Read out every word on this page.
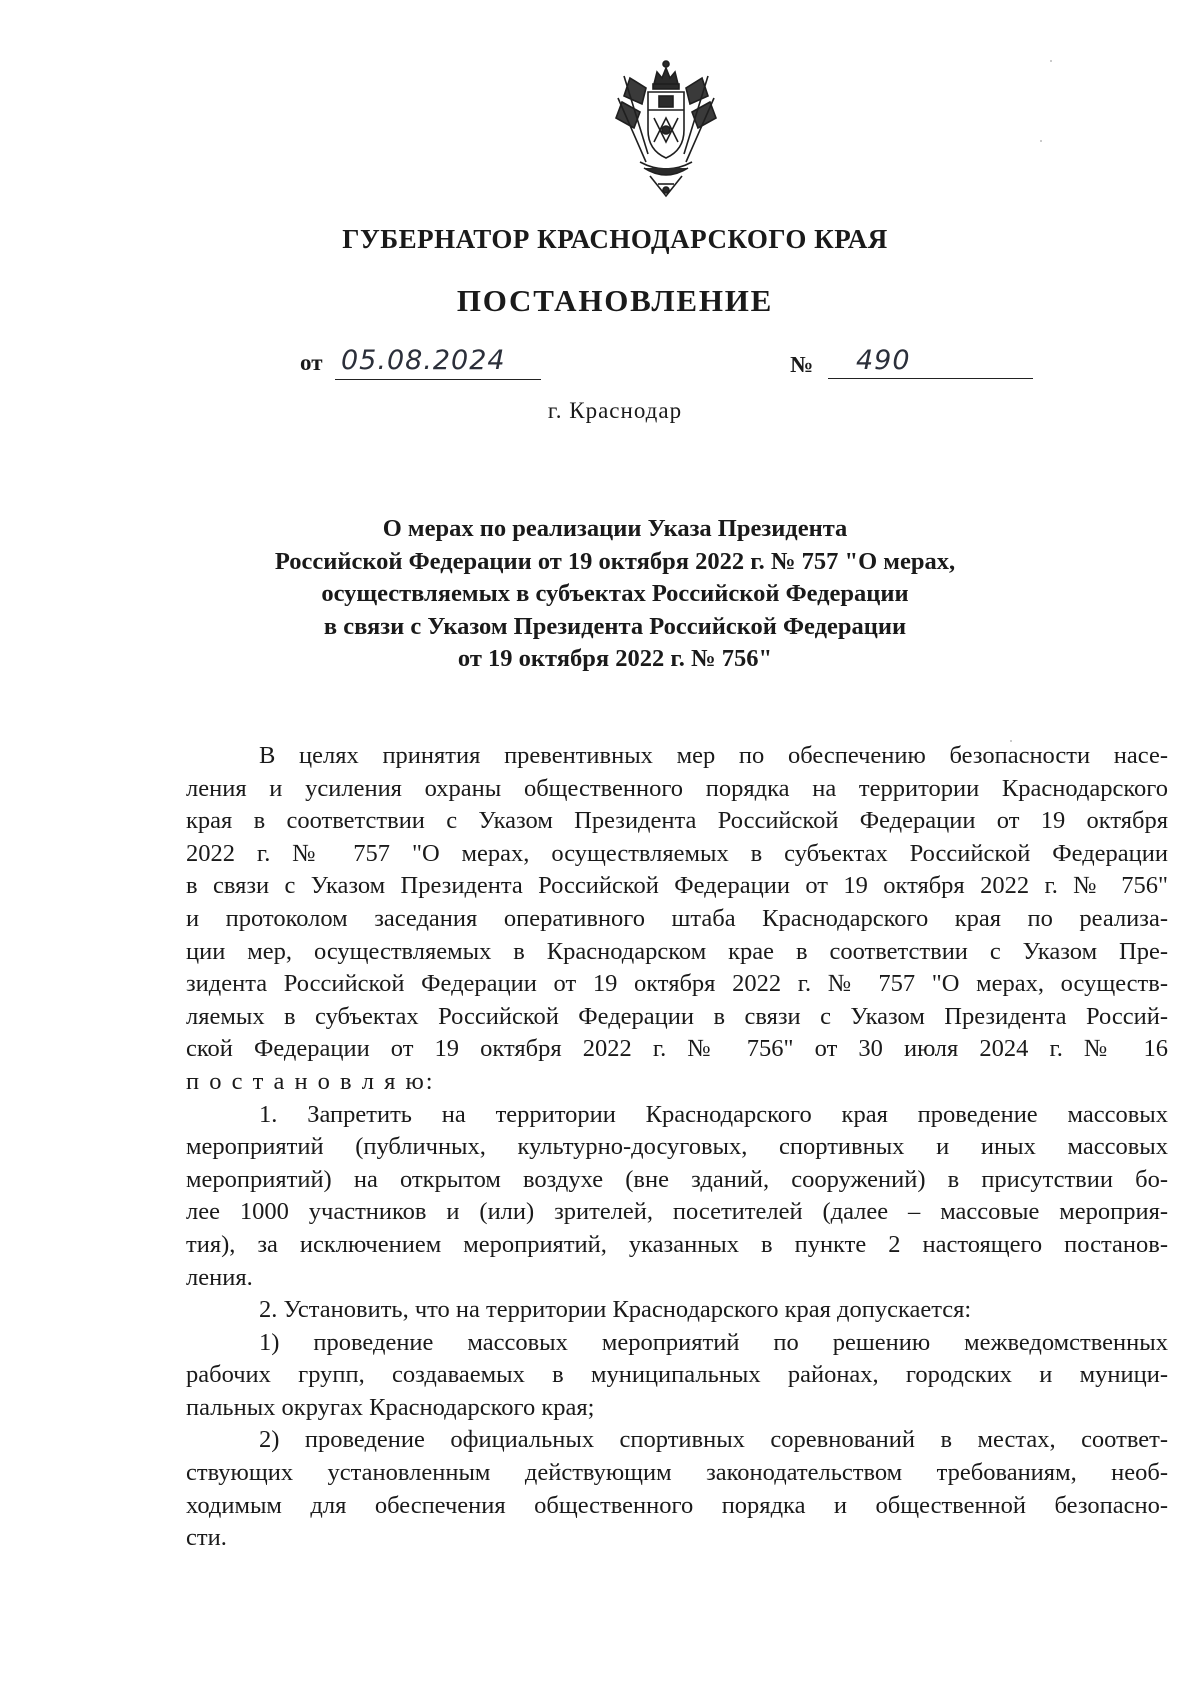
ГУБЕРНАТОР КРАСНОДАРСКОГО КРАЯ
ПОСТАНОВЛЕНИЕ
от 05.08.2024	№	490
г. Краснодар
О мерах по реализации Указа Президента
Российской Федерации от 19 октября 2022 г. № 757 "О мерах,
осуществляемых в субъектах Российской Федерации
в связи с Указом Президента Российской Федерации
от 19 октября 2022 г. № 756"
В целях принятия превентивных мер по обеспечению безопасности насе-
ления и усиления охраны общественного порядка на территории Краснодарского
края в соответствии с Указом Президента Российской Федерации от 19 октября
2022 г. № 757 "О мерах, осуществляемых в субъектах Российской Федерации
в связи с Указом Президента Российской Федерации от 19 октября 2022 г. № 756"
и протоколом заседания оперативного штаба Краснодарского края по реализа-
ции мер, осуществляемых в Краснодарском крае в соответствии с Указом Пре-
зидента Российской Федерации от 19 октября 2022 г. № 757 "О мерах, осуществ-
ляемых в субъектах Российской Федерации в связи с Указом Президента Россий-
ской Федерации от 19 октября 2022 г. № 756" от 30 июля 2024 г. № 16
п о с т а н о в л я ю:
1. Запретить на территории Краснодарского края проведение массовых
мероприятий (публичных, культурно-досуговых, спортивных и иных массовых
мероприятий) на открытом воздухе (вне зданий, сооружений) в присутствии бо-
лее 1000 участников и (или) зрителей, посетителей (далее – массовые мероприя-
тия), за исключением мероприятий, указанных в пункте 2 настоящего постанов-
ления.
2. Установить, что на территории Краснодарского края допускается:
1) проведение массовых мероприятий по решению межведомственных
рабочих групп, создаваемых в муниципальных районах, городских и муници-
пальных округах Краснодарского края;
2) проведение официальных спортивных соревнований в местах, соответ-
ствующих установленным действующим законодательством требованиям, необ-
ходимым для обеспечения общественного порядка и общественной безопасно-
сти.
